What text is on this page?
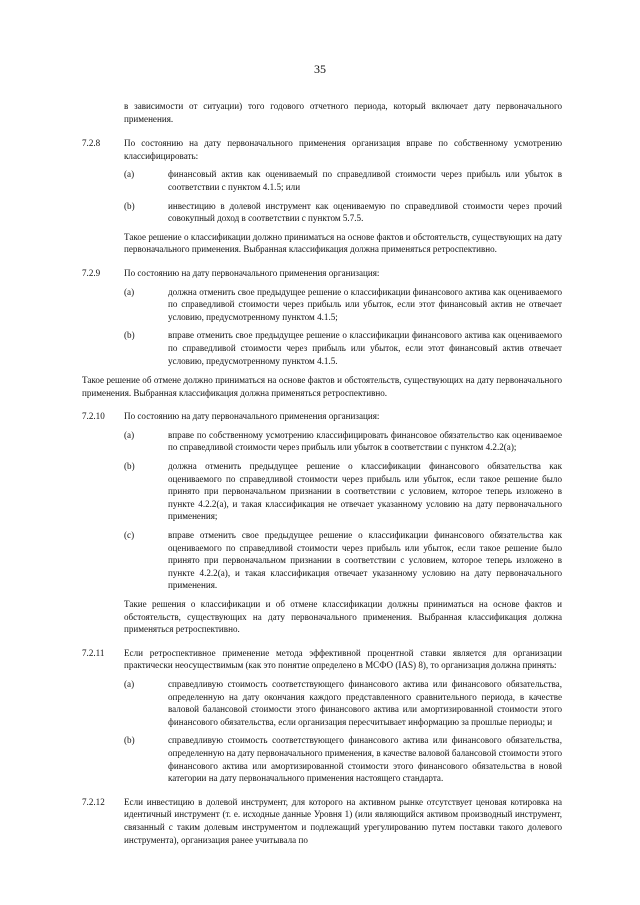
35
в зависимости от ситуации) того годового отчетного периода, который включает дату первоначального применения.
7.2.8	По состоянию на дату первоначального применения организация вправе по собственному усмотрению классифицировать:

(a)	финансовый актив как оцениваемый по справедливой стоимости через прибыль или убыток в соответствии с пунктом 4.1.5; или
(b)	инвестицию в долевой инструмент как оцениваемую по справедливой стоимости через прочий совокупный доход в соответствии с пунктом 5.7.5.
Такое решение о классификации должно приниматься на основе фактов и обстоятельств, существующих на дату первоначального применения. Выбранная классификация должна применяться ретроспективно.
7.2.9	По состоянию на дату первоначального применения организация:

(a)	должна отменить свое предыдущее решение о классификации финансового актива как оцениваемого по справедливой стоимости через прибыль или убыток, если этот финансовый актив не отвечает условию, предусмотренному пунктом 4.1.5;
(b)	вправе отменить свое предыдущее решение о классификации финансового актива как оцениваемого по справедливой стоимости через прибыль или убыток, если этот финансовый актив отвечает условию, предусмотренному пунктом 4.1.5.
Такое решение об отмене должно приниматься на основе фактов и обстоятельств, существующих на дату первоначального применения. Выбранная классификация должна применяться ретроспективно.
7.2.10	По состоянию на дату первоначального применения организация:

(a)	вправе по собственному усмотрению классифицировать финансовое обязательство как оцениваемое по справедливой стоимости через прибыль или убыток в соответствии с пунктом 4.2.2(a);
(b)	должна отменить предыдущее решение о классификации финансового обязательства как оцениваемого по справедливой стоимости через прибыль или убыток, если такое решение было принято при первоначальном признании в соответствии с условием, которое теперь изложено в пункте 4.2.2(a), и такая классификация не отвечает указанному условию на дату первоначального применения;
(c)	вправе отменить свое предыдущее решение о классификации финансового обязательства как оцениваемого по справедливой стоимости через прибыль или убыток, если такое решение было принято при первоначальном признании в соответствии с условием, которое теперь изложено в пункте 4.2.2(a), и такая классификация отвечает указанному условию на дату первоначального применения.
Такие решения о классификации и об отмене классификации должны приниматься на основе фактов и обстоятельств, существующих на дату первоначального применения. Выбранная классификация должна применяться ретроспективно.
7.2.11	Если ретроспективное применение метода эффективной процентной ставки является для организации практически неосуществимым (как это понятие определено в МСФО (IAS) 8), то организация должна принять:

(a)	справедливую стоимость соответствующего финансового актива или финансового обязательства, определенную на дату окончания каждого представленного сравнительного периода, в качестве валовой балансовой стоимости этого финансового актива или амортизированной стоимости этого финансового обязательства, если организация пересчитывает информацию за прошлые периоды; и
(b)	справедливую стоимость соответствующего финансового актива или финансового обязательства, определенную на дату первоначального применения, в качестве валовой балансовой стоимости этого финансового актива или амортизированной стоимости этого финансового обязательства в новой категории на дату первоначального применения настоящего стандарта.
7.2.12	Если инвестицию в долевой инструмент, для которого на активном рынке отсутствует ценовая котировка на идентичный инструмент (т. е. исходные данные Уровня 1) (или являющийся активом производный инструмент, связанный с таким долевым инструментом и подлежащий урегулированию путем поставки такого долевого инструмента), организация ранее учитывала по
